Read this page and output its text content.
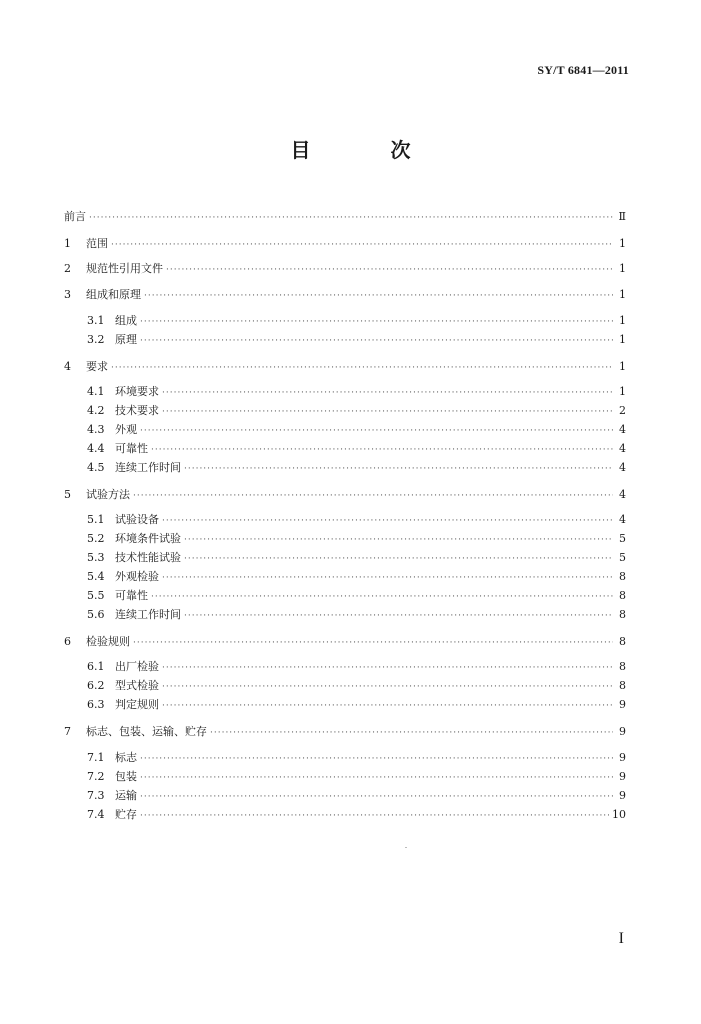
SY/T 6841—2011
目　次
前言 ·····	Ⅱ
1	范围 ·····	1
2	规范性引用文件 ·····	1
3	组成和原理 ·····	1
3.1 组成 ·····	1
3.2 原理 ·····	1
4	要求 ·····	1
4.1 环境要求 ·····	1
4.2 技术要求 ·····	2
4.3 外观 ·····	4
4.4 可靠性 ·····	4
4.5 连续工作时间 ·····	4
5	试验方法 ·····	4
5.1 试验设备 ·····	4
5.2 环境条件试验 ·····	5
5.3 技术性能试验 ·····	5
5.4 外观检验 ·····	8
5.5 可靠性 ·····	8
5.6 连续工作时间 ·····	8
6	检验规则 ·····	8
6.1 出厂检验 ·····	8
6.2 型式检验 ·····	8
6.3 判定规则 ·····	9
7	标志、包装、运输、贮存 ·····	9
7.1 标志 ·····	9
7.2 包装 ·····	9
7.3 运输 ·····	9
7.4 贮存 ·····	10
I
